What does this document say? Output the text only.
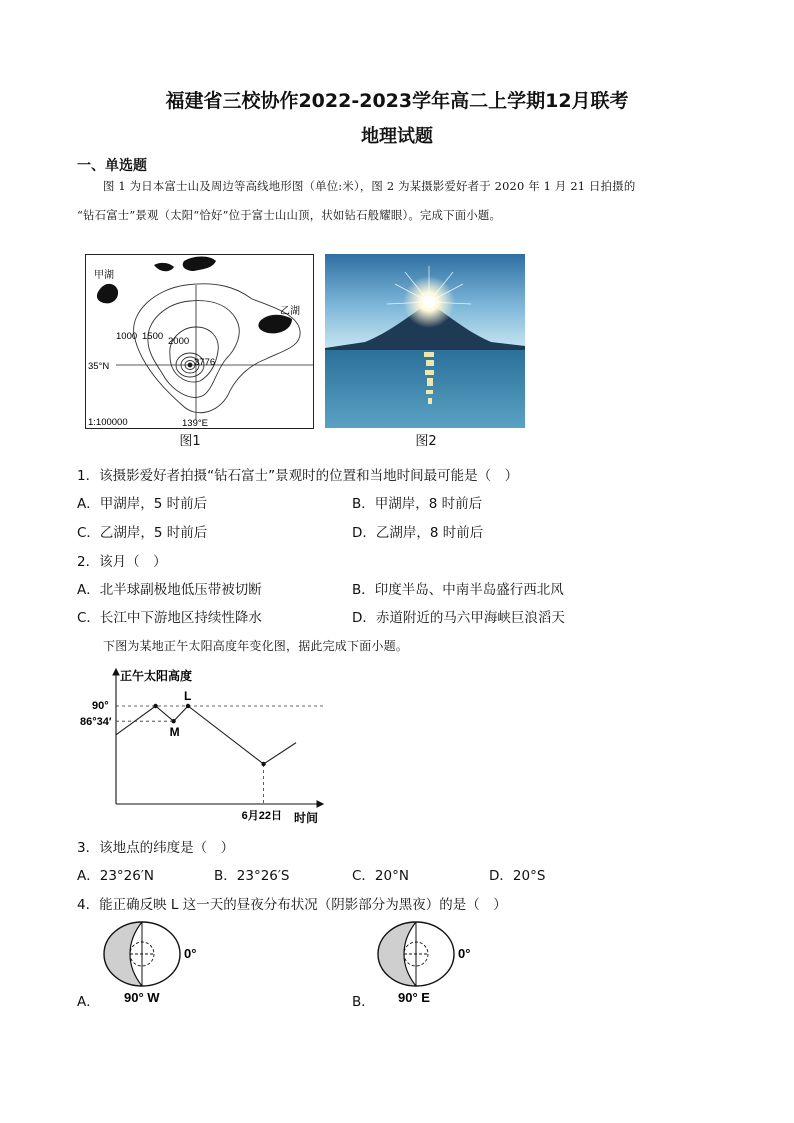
福建省三校协作2022-2023学年高二上学期12月联考
地理试题
一、单选题
图 1 为日本富士山及周边等高线地形图（单位:米），图 2 为某摄影爱好者于 2020 年 1 月 21 日拍摄的
“钻石富士”景观（太阳“恰好”位于富士山山顶，状如钻石般耀眼）。完成下面小题。
甲湖
乙湖
1000 1500 2000
3776
35°N
139°E
1:100000
图1	图2
1．该摄影爱好者拍摄“钻石富士”景观时的位置和当地时间最可能是（　）
A．甲湖岸，5 时前后	B．甲湖岸，8 时前后
C．乙湖岸，5 时前后	D．乙湖岸，8 时前后
2．该月（　）
A．北半球副极地低压带被切断	B．印度半岛、中南半岛盛行西北风
C．长江中下游地区持续性降水	D．赤道附近的马六甲海峡巨浪滔天
下图为某地正午太阳高度年变化图，据此完成下面小题。
正午太阳高度
时间
90°
86°34′
6月22日
L
M
3．该地点的纬度是（　）
A．23°26′N	B．23°26′S	C．20°N	D．20°S
4．能正确反映 L 这一天的昼夜分布状况（阴影部分为黑夜）的是（　）
0°
90° W
A．
0°
90° E
B．
